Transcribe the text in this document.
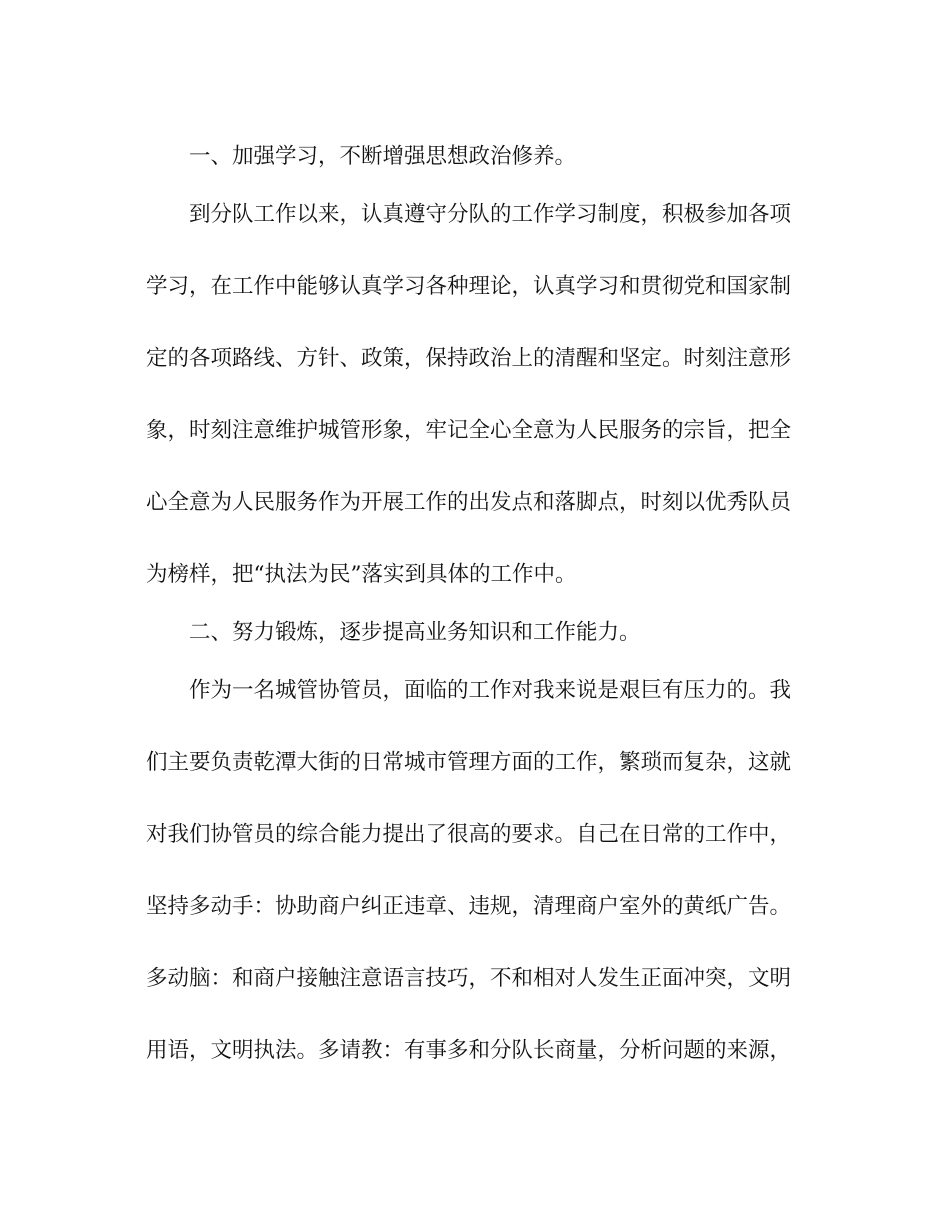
一、加强学习，不断增强思想政治修养。
到分队工作以来，认真遵守分队的工作学习制度，积极参加各项
学习，在工作中能够认真学习各种理论，认真学习和贯彻党和国家制
定的各项路线、方针、政策，保持政治上的清醒和坚定。时刻注意形
象，时刻注意维护城管形象，牢记全心全意为人民服务的宗旨，把全
心全意为人民服务作为开展工作的出发点和落脚点，时刻以优秀队员
为榜样，把“执法为民”落实到具体的工作中。
二、努力锻炼，逐步提高业务知识和工作能力。
作为一名城管协管员，面临的工作对我来说是艰巨有压力的。我
们主要负责乾潭大街的日常城市管理方面的工作，繁琐而复杂，这就
对我们协管员的综合能力提出了很高的要求。自己在日常的工作中，
坚持多动手：协助商户纠正违章、违规，清理商户室外的黄纸广告。
多动脑：和商户接触注意语言技巧，不和相对人发生正面冲突，文明
用语，文明执法。多请教：有事多和分队长商量，分析问题的来源，
